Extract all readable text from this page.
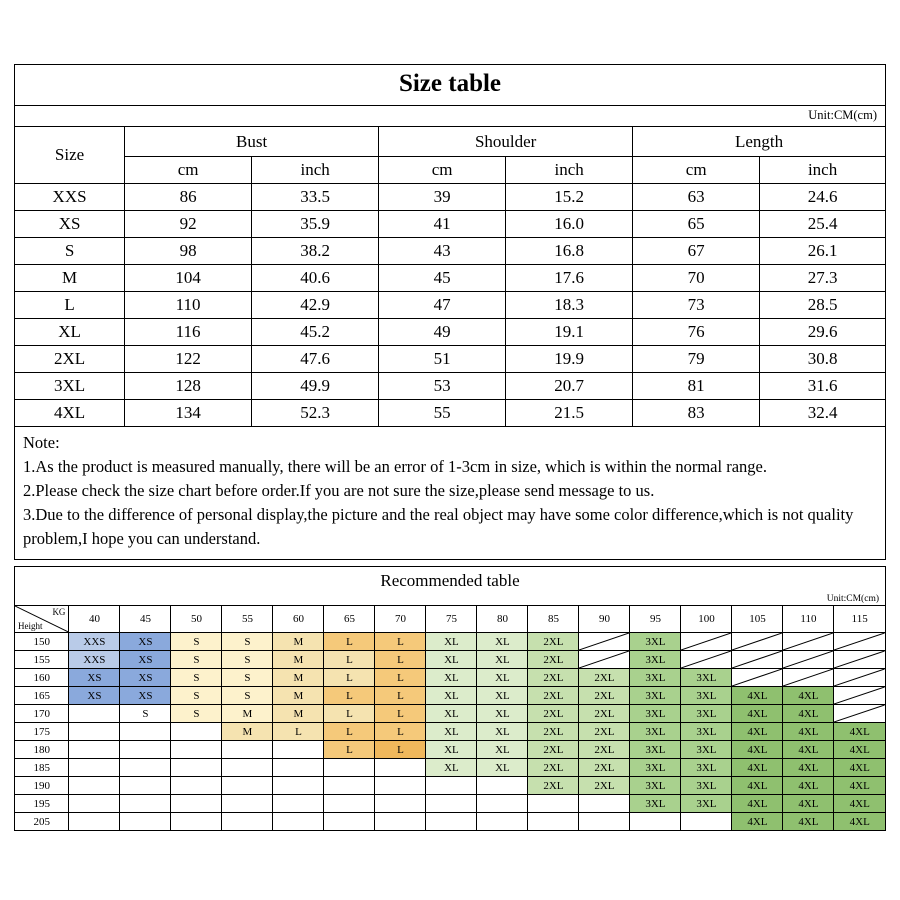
Size table
Unit:CM(cm)
Size	Bust		Shoulder		Length	
	cm	inch	cm	inch	cm	inch
XXS	86	33.5	39	15.2	63	24.6
XS	92	35.9	41	16.0	65	25.4
S	98	38.2	43	16.8	67	26.1
M	104	40.6	45	17.6	70	27.3
L	110	42.9	47	18.3	73	28.5
XL	116	45.2	49	19.1	76	29.6
2XL	122	47.6	51	19.9	79	30.8
3XL	128	49.9	53	20.7	81	31.6
4XL	134	52.3	55	21.5	83	32.4
Note:
1.As the product is measured manually, there will be an error of 1-3cm in size, which is within the normal range.
2.Please check the size chart before order.If you are not sure the size,please send message to us.
3.Due to the difference of personal display,the picture and the real object may have some color difference,which is not quality problem,I hope you can understand.
Recommended table
Unit:CM(cm)
KG
Height	40	45	50	55	60	65	70	75	80	85	90	95	100	105	110	115
150	XXS	XS	S	S	M	L	L	XL	XL	2XL		3XL	

155	XXS	XS	S	S	M	L	L	XL	XL	2XL		3XL	

160	XS	XS	S	S	M	L	L	XL	XL	2XL	2XL	3XL	3XL	

165	XS	XS	S	S	M	L	L	XL	XL	2XL	2XL	3XL	3XL	4XL	4XL	

170		S	S	M	M	L	L	XL	XL	2XL	2XL	3XL	3XL	4XL	4XL	

175				M	L	L	L	XL	XL	2XL	2XL	3XL	3XL	4XL	4XL	4XL
180						L	L	XL	XL	2XL	2XL	3XL	3XL	4XL	4XL	4XL
185								XL	XL	2XL	2XL	3XL	3XL	4XL	4XL	4XL
190										2XL	2XL	3XL	3XL	4XL	4XL	4XL
195												3XL	3XL	4XL	4XL	4XL
205														4XL	4XL	4XL
